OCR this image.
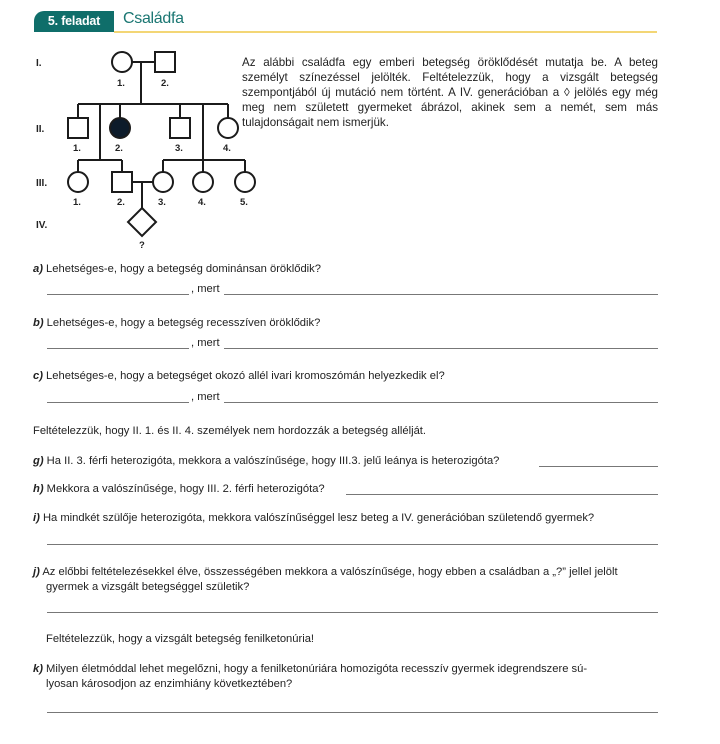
5. feladat	Családfa
I.
II.
III.
IV.
1.	2.
1.	2.	3.	4.
1.	2.	3.	4.	5.
?
Az alábbi családfa egy emberi betegség öröklődését mutatja be. A beteg személyt színezéssel jelölték. Feltételezzük, hogy a vizsgált betegség szempontjából új mutáció nem történt. A IV. generációban a ◊ jelölés egy még meg nem született gyermeket ábrázol, akinek sem a nemét, sem más tulajdonságait nem ismerjük.
a) Lehetséges-e, hogy a betegség dominánsan öröklődik?
, mert
b) Lehetséges-e, hogy a betegség recesszíven öröklődik?
, mert
c) Lehetséges-e, hogy a betegséget okozó allél ivari kromoszómán helyezkedik el?
, mert
Feltételezzük, hogy II. 1. és II. 4. személyek nem hordozzák a betegség allélját.
g) Ha II. 3. férfi heterozigóta, mekkora a valószínűsége, hogy III.3. jelű leánya is heterozigóta?
h) Mekkora a valószínűsége, hogy III. 2. férfi heterozigóta?
i) Ha mindkét szülője heterozigóta, mekkora valószínűséggel lesz beteg a IV. generációban születendő gyermek?
j) Az előbbi feltételezésekkel élve, összességében mekkora a valószínűsége, hogy ebben a családban a „?” jellel jelölt
gyermek a vizsgált betegséggel születik?
Feltételezzük, hogy a vizsgált betegség fenilketonúria!
k) Milyen életmóddal lehet megelőzni, hogy a fenilketonúriára homozigóta recesszív gyermek idegrendszere sú-
lyosan károsodjon az enzimhiány következtében?
